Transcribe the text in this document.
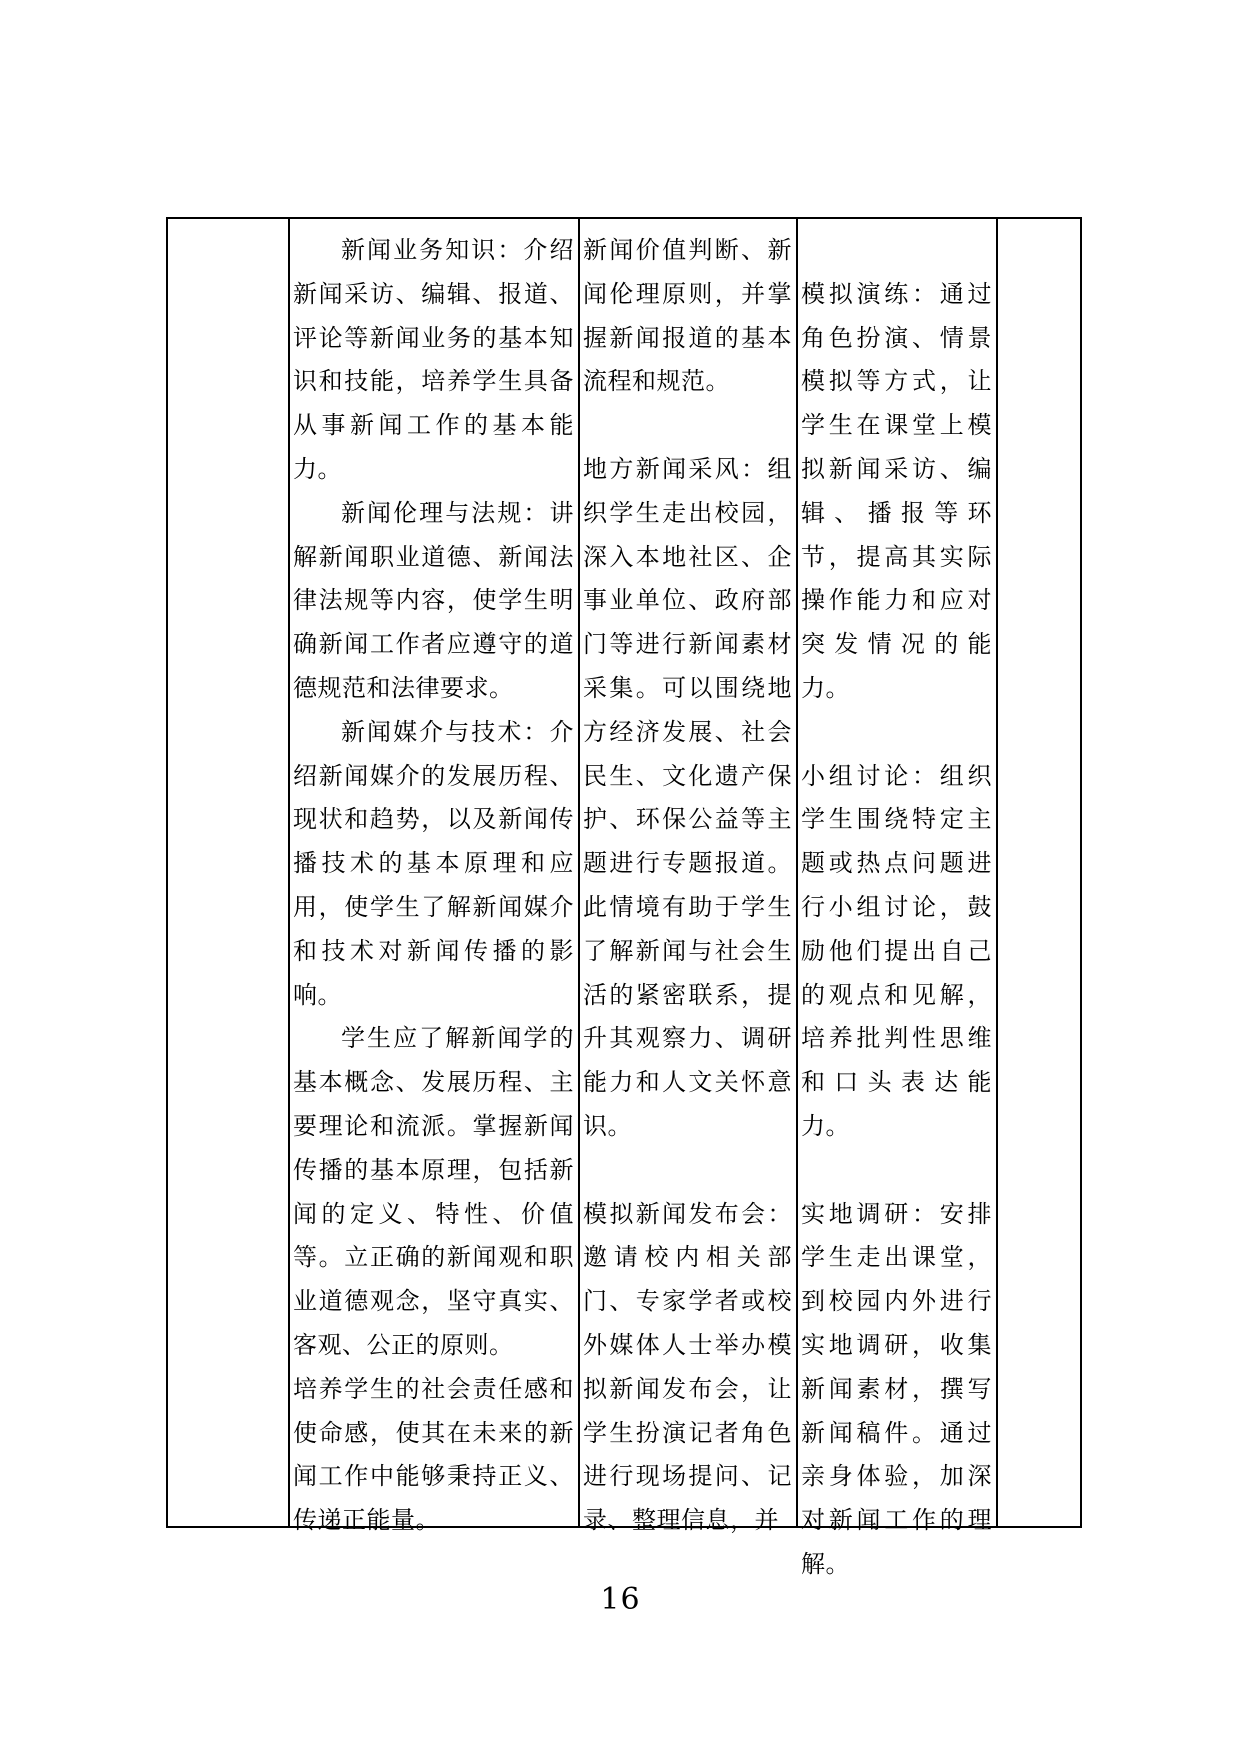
新闻业务知识：介绍新闻采访、编辑、报道、评论等新闻业务的基本知识和技能，培养学生具备从事新闻工作的基本能力。

新闻伦理与法规：讲解新闻职业道德、新闻法律法规等内容，使学生明确新闻工作者应遵守的道德规范和法律要求。

新闻媒介与技术：介绍新闻媒介的发展历程、现状和趋势，以及新闻传播技术的基本原理和应用，使学生了解新闻媒介和技术对新闻传播的影响。

学生应了解新闻学的基本概念、发展历程、主要理论和流派。掌握新闻传播的基本原理，包括新闻的定义、特性、价值等。立正确的新闻观和职业道德观念，坚守真实、客观、公正的原则。

培养学生的社会责任感和使命感，使其在未来的新闻工作中能够秉持正义、传递正能量。

新闻价值判断、新闻伦理原则，并掌握新闻报道的基本流程和规范。

地方新闻采风：组织学生走出校园，深入本地社区、企事业单位、政府部门等进行新闻素材采集。可以围绕地方经济发展、社会民生、文化遗产保护、环保公益等主题进行专题报道。此情境有助于学生了解新闻与社会生活的紧密联系，提升其观察力、调研能力和人文关怀意识。

模拟新闻发布会：邀请校内相关部门、专家学者或校外媒体人士举办模拟新闻发布会，让学生扮演记者角色进行现场提问、记录、整理信息，并

模拟演练：通过角色扮演、情景模拟等方式，让学生在课堂上模拟新闻采访、编辑、播报等环节，提高其实际操作能力和应对突发情况的能力。

小组讨论：组织学生围绕特定主题或热点问题进行小组讨论，鼓励他们提出自己的观点和见解，培养批判性思维和口头表达能力。

实地调研：安排学生走出课堂，到校园内外进行实地调研，收集新闻素材，撰写新闻稿件。通过亲身体验，加深对新闻工作的理解。

16
